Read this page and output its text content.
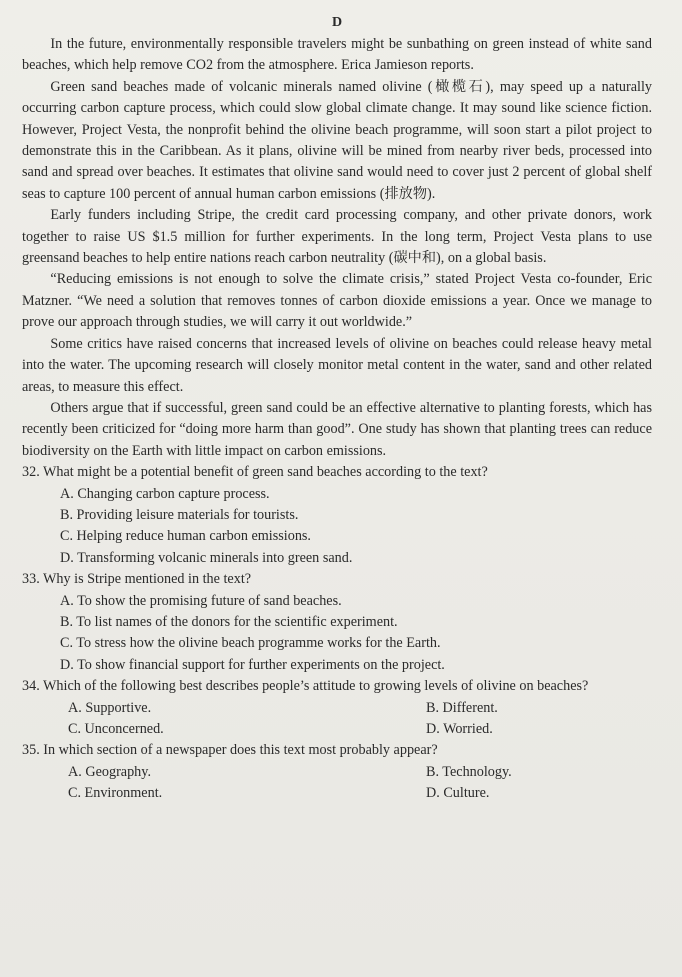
D

In the future, environmentally responsible travelers might be sunbathing on green instead of white sand beaches, which help remove CO2 from the atmosphere. Erica Jamieson reports.

Green sand beaches made of volcanic minerals named olivine (橄榄石), may speed up a naturally occurring carbon capture process, which could slow global climate change. It may sound like science fiction. However, Project Vesta, the nonprofit behind the olivine beach programme, will soon start a pilot project to demonstrate this in the Caribbean. As it plans, olivine will be mined from nearby river beds, processed into sand and spread over beaches. It estimates that olivine sand would need to cover just 2 percent of global shelf seas to capture 100 percent of annual human carbon emissions (排放物).

Early funders including Stripe, the credit card processing company, and other private donors, work together to raise US $1.5 million for further experiments. In the long term, Project Vesta plans to use greensand beaches to help entire nations reach carbon neutrality (碳中和), on a global basis.

“Reducing emissions is not enough to solve the climate crisis,” stated Project Vesta co-founder, Eric Matzner. “We need a solution that removes tonnes of carbon dioxide emissions a year. Once we manage to prove our approach through studies, we will carry it out worldwide.”

Some critics have raised concerns that increased levels of olivine on beaches could release heavy metal into the water. The upcoming research will closely monitor metal content in the water, sand and other related areas, to measure this effect.

Others argue that if successful, green sand could be an effective alternative to planting forests, which has recently been criticized for “doing more harm than good”. One study has shown that planting trees can reduce biodiversity on the Earth with little impact on carbon emissions.

32. What might be a potential benefit of green sand beaches according to the text?

A. Changing carbon capture process.

B. Providing leisure materials for tourists.

C. Helping reduce human carbon emissions.

D. Transforming volcanic minerals into green sand.

33. Why is Stripe mentioned in the text?

A. To show the promising future of sand beaches.

B. To list names of the donors for the scientific experiment.

C. To stress how the olivine beach programme works for the Earth.

D. To show financial support for further experiments on the project.

34. Which of the following best describes people’s attitude to growing levels of olivine on beaches?

A. Supportive.	B. Different.
C. Unconcerned.	D. Worried.

35. In which section of a newspaper does this text most probably appear?

A. Geography.	B. Technology.
C. Environment.	D. Culture.
